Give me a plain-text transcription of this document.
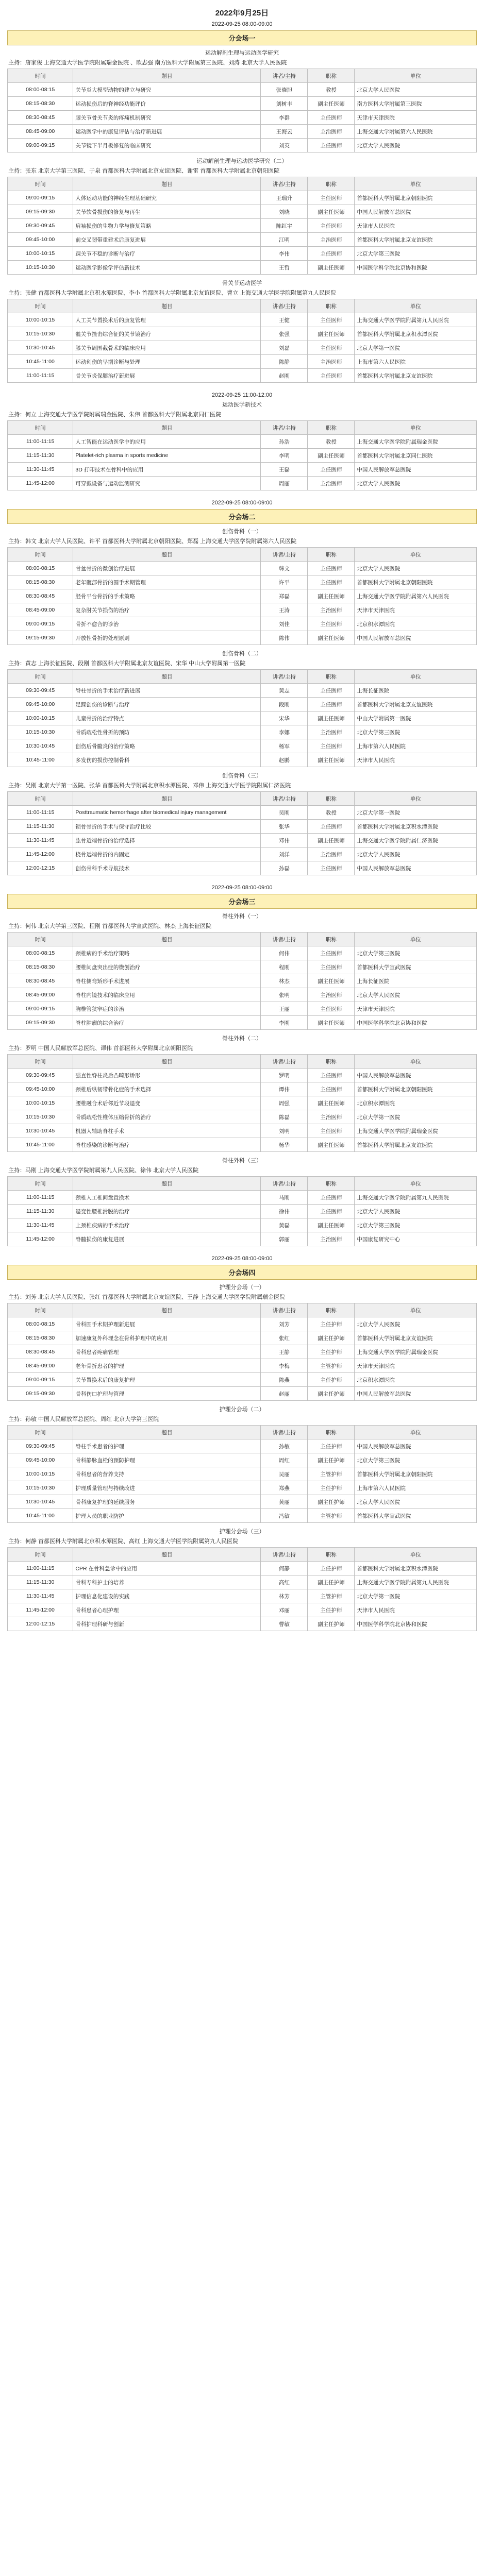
2022年9月25日
2022-09-25 08:00-09:00
分会场一
运动解剖生理与运动医学研究
主持：唐家俊 上海交通大学医学院附属瑞金医院 、欧志强 南方医科大学附属第三医院、刘涛 北京大学人民医院
时间	题目	讲者/主持	职称	单位
08:00-08:15	关节炎大模型动物的建立与研究	张晓旭	教授	北京大学人民医院
08:15-08:30	运动损伤后的脊神经功能评价	刘树丰	副主任医师	南方医科大学附属第三医院
08:30-08:45	膝关节骨关节炎的疼痛机制研究	李群	主任医师	天津市天津医院
08:45-09:00	运动医学中的康复评估与治疗新进展	王海云	主治医师	上海交通大学附属第六人民医院
09:00-09:15	关节镜下半月板修复的临床研究	刘英	主任医师	北京大学人民医院
运动解剖生理与运动医学研究（二）
主持：张东 北京大学第三医院、于泉 首都医科大学附属北京友谊医院、谢雷 首都医科大学附属北京朝阳医院
时间	题目	讲者/主持	职称	单位
09:00-09:15	人体运动功能的神经生理基础研究	王瑞升	主任医师	首都医科大学附属北京朝阳医院
09:15-09:30	关节软骨损伤的修复与再生	刘晓	副主任医师	中国人民解放军总医院
09:30-09:45	肩袖损伤的生物力学与修复策略	陈红宇	主任医师	天津市人民医院
09:45-10:00	前交叉韧带重建术后康复进展	江明	主治医师	首都医科大学附属北京友谊医院
10:00-10:15	踝关节不稳的诊断与治疗	李伟	主任医师	北京大学第三医院
10:15-10:30	运动医学影像学评估新技术	王哲	副主任医师	中国医学科学院北京协和医院
骨关节运动医学
主持：张健 首都医科大学附属北京积水潭医院、李小 首都医科大学附属北京友谊医院、曹立 上海交通大学医学院附属第九人民医院
时间	题目	讲者/主持	职称	单位
10:00-10:15	人工关节置换术后的康复管理	王健	主任医师	上海交通大学医学院附属第九人民医院
10:15-10:30	髋关节撞击综合征的关节镜治疗	张强	副主任医师	首都医科大学附属北京积水潭医院
10:30-10:45	膝关节周围截骨术的临床应用	刘磊	主任医师	北京大学第一医院
10:45-11:00	运动创伤的早期诊断与处理	陈静	主治医师	上海市第六人民医院
11:00-11:15	骨关节炎保膝治疗新进展	赵刚	主任医师	首都医科大学附属北京友谊医院
2022-09-25 11:00-12:00
运动医学新技术
主持：何立 上海交通大学医学院附属瑞金医院、朱伟 首都医科大学附属北京同仁医院
时间	题目	讲者/主持	职称	单位
11:00-11:15	人工智能在运动医学中的应用	孙浩	教授	上海交通大学医学院附属瑞金医院
11:15-11:30	Platelet-rich plasma in sports medicine	李明	副主任医师	首都医科大学附属北京同仁医院
11:30-11:45	3D 打印技术在骨科中的应用	王磊	主任医师	中国人民解放军总医院
11:45-12:00	可穿戴设备与运动监测研究	周丽	主治医师	北京大学人民医院
2022-09-25 08:00-09:00
分会场二
创伤骨科（一）
主持：韩文 北京大学人民医院、许平 首都医科大学附属北京朝阳医院、郑磊 上海交通大学医学院附属第六人民医院
时间	题目	讲者/主持	职称	单位
08:00-08:15	骨盆骨折的微创治疗进展	韩文	主任医师	北京大学人民医院
08:15-08:30	老年髋部骨折的围手术期管理	许平	主任医师	首都医科大学附属北京朝阳医院
08:30-08:45	胫骨平台骨折的手术策略	郑磊	副主任医师	上海交通大学医学院附属第六人民医院
08:45-09:00	复杂肘关节损伤的治疗	王涛	主治医师	天津市天津医院
09:00-09:15	骨折不愈合的诊治	刘佳	主任医师	北京积水潭医院
09:15-09:30	开放性骨折的处理原则	陈伟	副主任医师	中国人民解放军总医院
创伤骨科（二）
主持：黄志 上海长征医院、段刚 首都医科大学附属北京友谊医院、宋华 中山大学附属第一医院
时间	题目	讲者/主持	职称	单位
09:30-09:45	脊柱骨折的手术治疗新进展	黄志	主任医师	上海长征医院
09:45-10:00	足踝创伤的诊断与治疗	段刚	主任医师	首都医科大学附属北京友谊医院
10:00-10:15	儿童骨折的治疗特点	宋华	副主任医师	中山大学附属第一医院
10:15-10:30	骨质疏松性骨折的预防	李娜	主治医师	北京大学第三医院
10:30-10:45	创伤后骨髓炎的治疗策略	杨军	主任医师	上海市第六人民医院
10:45-11:00	多发伤的损伤控制骨科	赵鹏	副主任医师	天津市人民医院
创伤骨科（三）
主持：吴刚 北京大学第一医院、张华 首都医科大学附属北京积水潭医院、邓伟 上海交通大学医学院附属仁济医院
时间	题目	讲者/主持	职称	单位
11:00-11:15	Posttraumatic hemorrhage after biomedical injury management	吴刚	教授	北京大学第一医院
11:15-11:30	锁骨骨折的手术与保守治疗比较	张华	主任医师	首都医科大学附属北京积水潭医院
11:30-11:45	肱骨近端骨折的治疗选择	邓伟	副主任医师	上海交通大学医学院附属仁济医院
11:45-12:00	桡骨远端骨折的内固定	刘洋	主治医师	北京大学人民医院
12:00-12:15	创伤骨科手术导航技术	孙磊	主任医师	中国人民解放军总医院
2022-09-25 08:00-09:00
分会场三
脊柱外科（一）
主持：何伟 北京大学第三医院、程刚 首都医科大学宣武医院、林杰 上海长征医院
时间	题目	讲者/主持	职称	单位
08:00-08:15	颈椎病的手术治疗策略	何伟	主任医师	北京大学第三医院
08:15-08:30	腰椎间盘突出症的微创治疗	程刚	主任医师	首都医科大学宣武医院
08:30-08:45	脊柱侧弯矫形手术进展	林杰	副主任医师	上海长征医院
08:45-09:00	脊柱内镜技术的临床应用	张明	主治医师	北京大学人民医院
09:00-09:15	胸椎管狭窄症的诊治	王丽	主任医师	天津市天津医院
09:15-09:30	脊柱肿瘤的综合治疗	李刚	副主任医师	中国医学科学院北京协和医院
脊柱外科（二）
主持：罗明 中国人民解放军总医院、谭伟 首都医科大学附属北京朝阳医院
时间	题目	讲者/主持	职称	单位
09:30-09:45	强直性脊柱炎后凸畸形矫形	罗明	主任医师	中国人民解放军总医院
09:45-10:00	颈椎后纵韧带骨化症的手术选择	谭伟	主任医师	首都医科大学附属北京朝阳医院
10:00-10:15	腰椎融合术后邻近节段退变	周强	副主任医师	北京积水潭医院
10:15-10:30	骨质疏松性椎体压缩骨折的治疗	陈磊	主治医师	北京大学第一医院
10:30-10:45	机器人辅助脊柱手术	刘明	主任医师	上海交通大学医学院附属瑞金医院
10:45-11:00	脊柱感染的诊断与治疗	杨华	副主任医师	首都医科大学附属北京友谊医院
脊柱外科（三）
主持：马刚 上海交通大学医学院附属第九人民医院、徐伟 北京大学人民医院
时间	题目	讲者/主持	职称	单位
11:00-11:15	颈椎人工椎间盘置换术	马刚	主任医师	上海交通大学医学院附属第九人民医院
11:15-11:30	退变性腰椎滑脱的治疗	徐伟	主任医师	北京大学人民医院
11:30-11:45	上颈椎疾病的手术治疗	黄磊	副主任医师	北京大学第三医院
11:45-12:00	脊髓损伤的康复进展	郭丽	主治医师	中国康复研究中心
2022-09-25 08:00-09:00
分会场四
护理分会场（一）
主持：刘芳 北京大学人民医院、张红 首都医科大学附属北京友谊医院、王静 上海交通大学医学院附属瑞金医院
时间	题目	讲者/主持	职称	单位
08:00-08:15	骨科围手术期护理新进展	刘芳	主任护师	北京大学人民医院
08:15-08:30	加速康复外科理念在骨科护理中的应用	张红	副主任护师	首都医科大学附属北京友谊医院
08:30-08:45	骨科患者疼痛管理	王静	主任护师	上海交通大学医学院附属瑞金医院
08:45-09:00	老年骨折患者的护理	李梅	主管护师	天津市天津医院
09:00-09:15	关节置换术后的康复护理	陈燕	主任护师	北京积水潭医院
09:15-09:30	骨科伤口护理与管理	赵丽	副主任护师	中国人民解放军总医院
护理分会场（二）
主持：孙敏 中国人民解放军总医院、周红 北京大学第三医院
时间	题目	讲者/主持	职称	单位
09:30-09:45	脊柱手术患者的护理	孙敏	主任护师	中国人民解放军总医院
09:45-10:00	骨科静脉血栓的预防护理	周红	副主任护师	北京大学第三医院
10:00-10:15	骨科患者的营养支持	吴丽	主管护师	首都医科大学附属北京朝阳医院
10:15-10:30	护理质量管理与持续改进	郑燕	主任护师	上海市第六人民医院
10:30-10:45	骨科康复护理的延续服务	黄丽	副主任护师	北京大学人民医院
10:45-11:00	护理人员的职业防护	冯敏	主管护师	首都医科大学宣武医院
护理分会场（三）
主持：何静 首都医科大学附属北京积水潭医院、高红 上海交通大学医学院附属第九人民医院
时间	题目	讲者/主持	职称	单位
11:00-11:15	CPR 在骨科急诊中的应用	何静	主任护师	首都医科大学附属北京积水潭医院
11:15-11:30	骨科专科护士的培养	高红	副主任护师	上海交通大学医学院附属第九人民医院
11:30-11:45	护理信息化建设的实践	林芳	主管护师	北京大学第一医院
11:45-12:00	骨科患者心理护理	邓丽	主任护师	天津市人民医院
12:00-12:15	骨科护理科研与创新	曹敏	副主任护师	中国医学科学院北京协和医院
